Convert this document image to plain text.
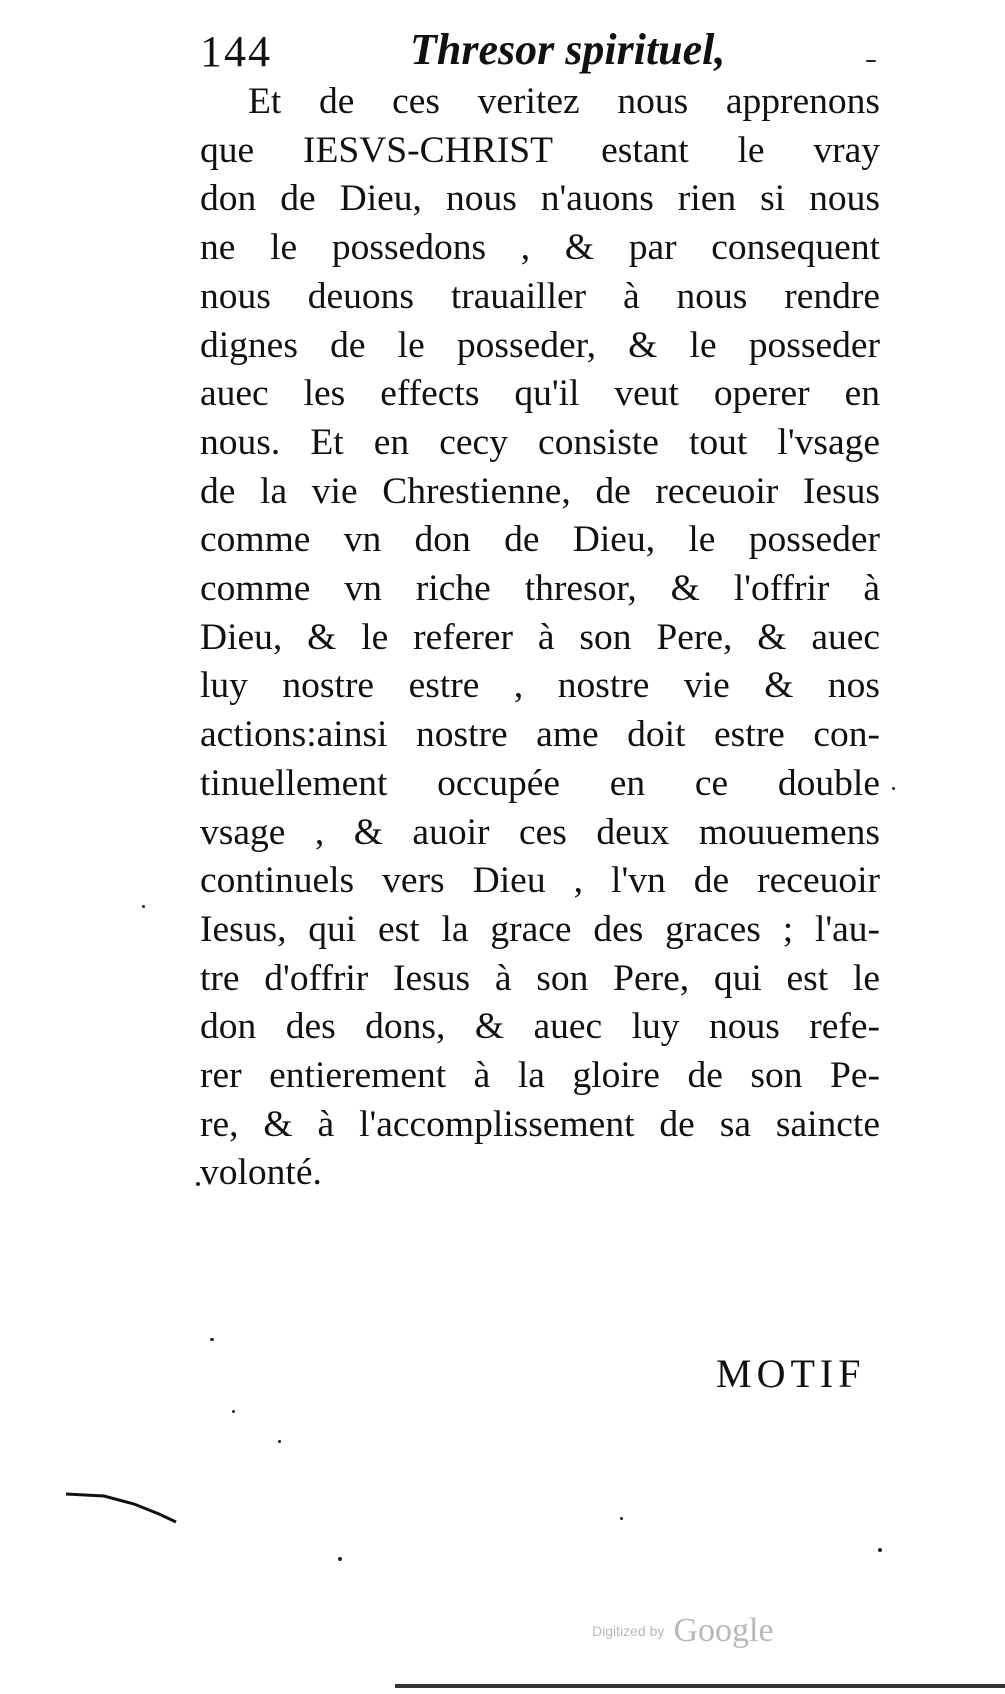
144	Thresor spirituel,
Et de ces veritez nous apprenons
que IESVS-CHRIST estant le vray
don de Dieu, nous n'auons rien si nous
ne le possedons , & par consequent
nous deuons trauailler à nous rendre
dignes de le posseder, & le posseder
auec les effects qu'il veut operer en
nous. Et en cecy consiste tout l'vsage
de la vie Chrestienne, de receuoir Iesus
comme vn don de Dieu, le posseder
comme vn riche thresor, & l'offrir à
Dieu, & le referer à son Pere, & auec
luy nostre estre , nostre vie & nos
actions:ainsi nostre ame doit estre con-
tinuellement occupée en ce double
vsage , & auoir ces deux mouuemens
continuels vers Dieu , l'vn de receuoir
Iesus, qui est la grace des graces ; l'au-
tre d'offrir Iesus à son Pere, qui est le
don des dons, & auec luy nous refe-
rer entierement à la gloire de son Pe-
re, & à l'accomplissement de sa saincte
volonté.
MOTIF
Digitized by Google
